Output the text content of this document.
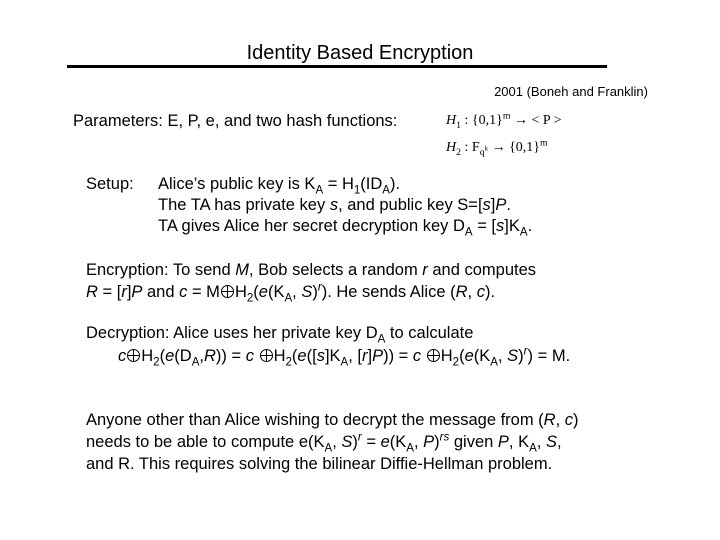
Identity Based Encryption
2001 (Boneh and Franklin)
Parameters: E, P, e, and two hash functions:	$H_1$ : $\{0,1\}^m$ → < P >
$H_2$ : $F_{q^k} \to \{0,1\}^m$
Setup: Alice’s public key is $K_A = H_1(ID_A)$.
The TA has private key s, and public key S=[s]P.
TA gives Alice her secret decryption key $D_A = [s]K_A$.
Encryption: To send M, Bob selects a random r and computes
R = [r]P and c = M $H_2(e(K_A$, S)$^r$). He sends Alice (R, c).
Decryption: Alice uses her private key $D_A$ to calculate
c $H_2(e(D_A,R)) = c$ $H_2(e([s]K_A$, [r]P)) = c $H_2(e(K_A$, S)$^r$) = M.
Anyone other than Alice wishing to decrypt the message from (R, c)
needs to be able to compute $e(K_A$, $S)^r = e(K_A$, P)$^{rs}$ given P, $K_A$, S,
and R. This requires solving the bilinear Diffie-Hellman problem.
